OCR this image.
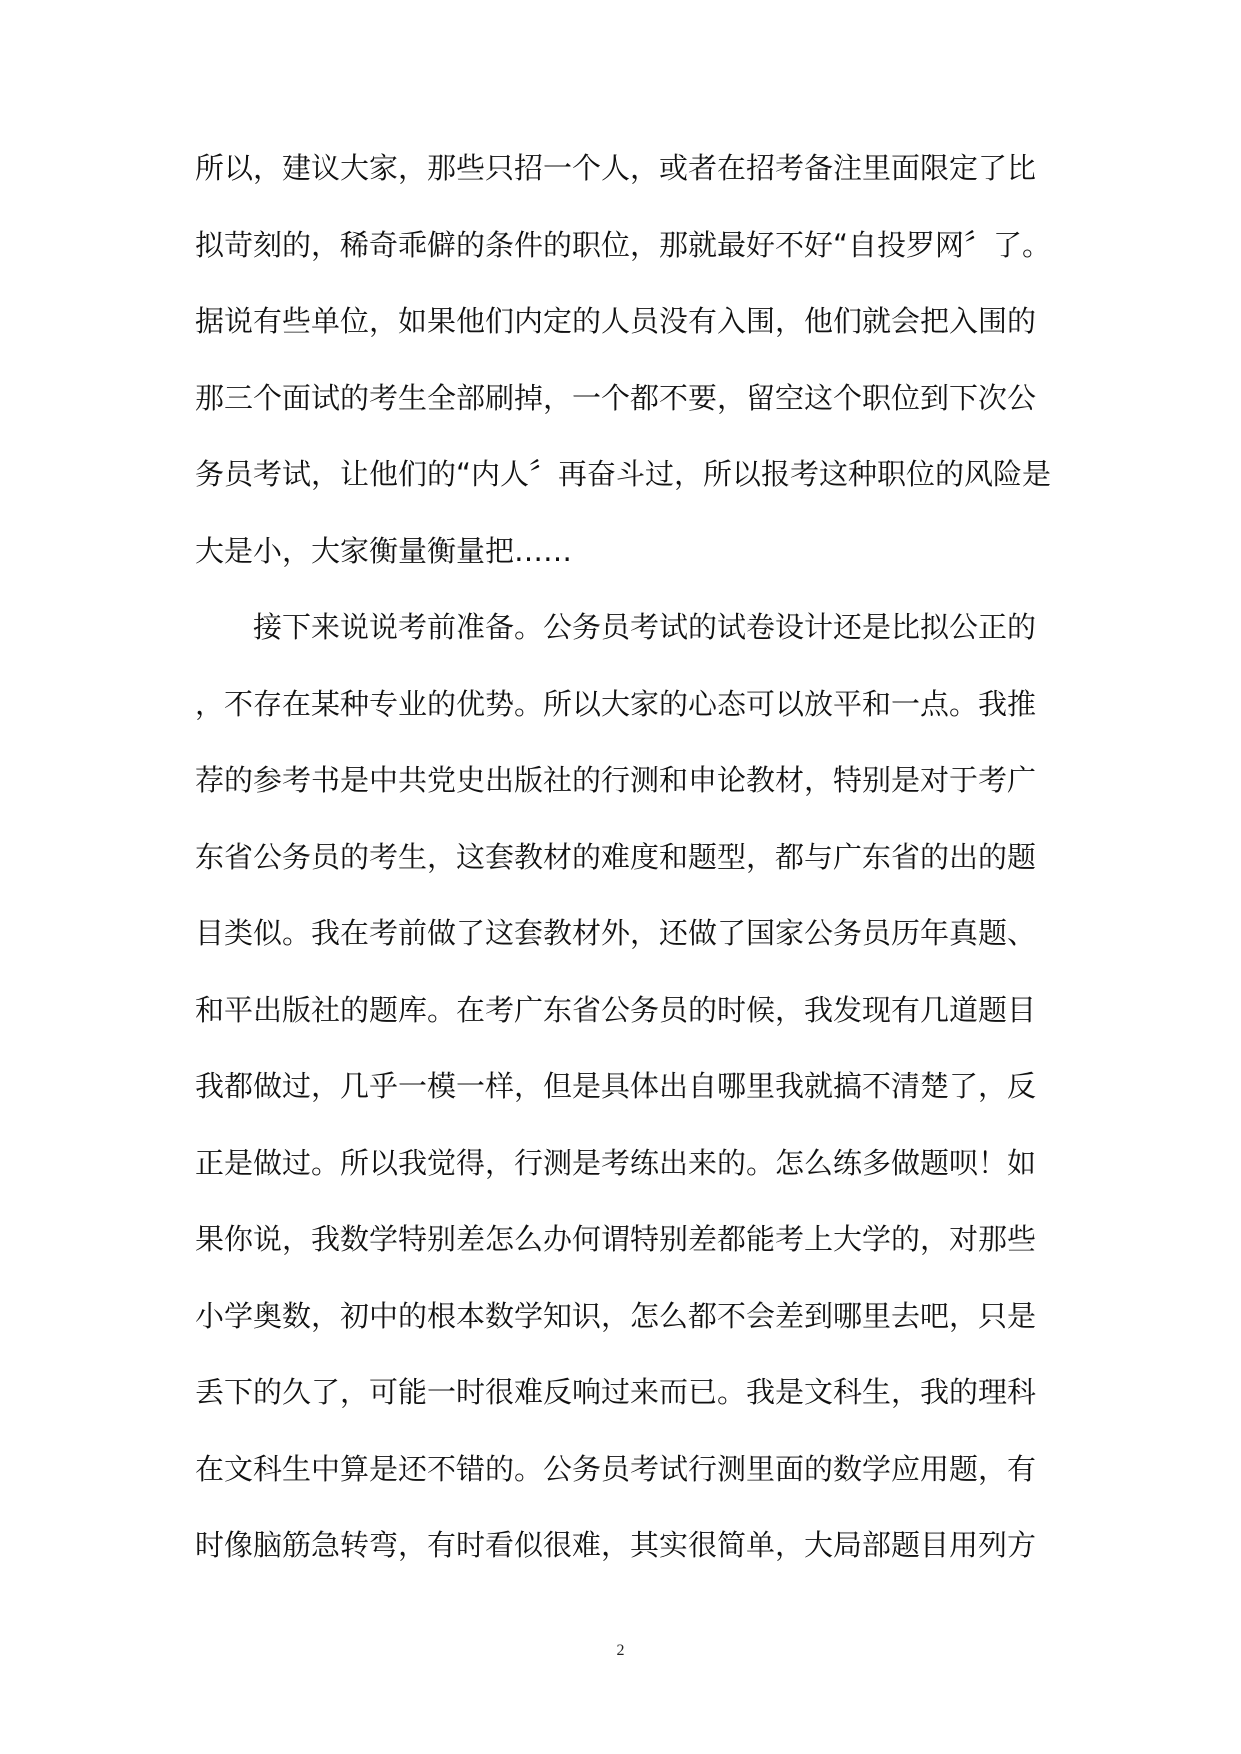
所以，建议大家，那些只招一个人，或者在招考备注里面限定了比
拟苛刻的，稀奇乖僻的条件的职位，那就最好不好“自投罗网〞了。
据说有些单位，如果他们内定的人员没有入围，他们就会把入围的
那三个面试的考生全部刷掉，一个都不要，留空这个职位到下次公
务员考试，让他们的“内人〞再奋斗过，所以报考这种职位的风险是
大是小，大家衡量衡量把……
接下来说说考前准备。公务员考试的试卷设计还是比拟公正的
，不存在某种专业的优势。所以大家的心态可以放平和一点。我推
荐的参考书是中共党史出版社的行测和申论教材，特别是对于考广
东省公务员的考生，这套教材的难度和题型，都与广东省的出的题
目类似。我在考前做了这套教材外，还做了国家公务员历年真题、
和平出版社的题库。在考广东省公务员的时候，我发现有几道题目
我都做过，几乎一模一样，但是具体出自哪里我就搞不清楚了，反
正是做过。所以我觉得，行测是考练出来的。怎么练多做题呗！如
果你说，我数学特别差怎么办何谓特别差都能考上大学的，对那些
小学奥数，初中的根本数学知识，怎么都不会差到哪里去吧，只是
丢下的久了，可能一时很难反响过来而已。我是文科生，我的理科
在文科生中算是还不错的。公务员考试行测里面的数学应用题，有
时像脑筋急转弯，有时看似很难，其实很简单，大局部题目用列方
2
